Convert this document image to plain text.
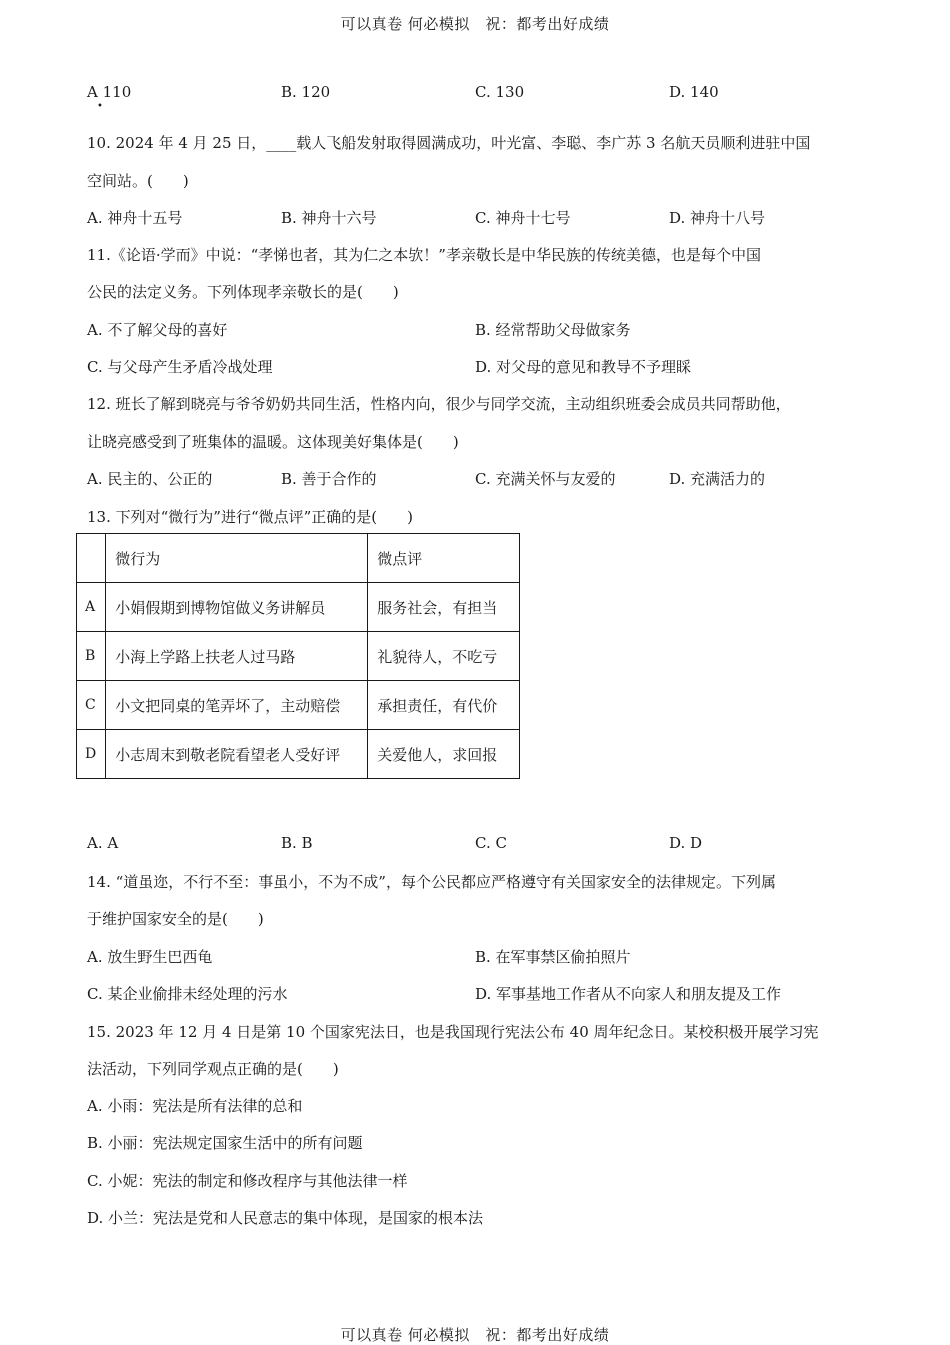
可以真卷 何必模拟　祝：都考出好成绩
A 110
•
B. 120	C. 130	D. 140
10. 2024 年 4 月 25 日，____载人飞船发射取得圆满成功，叶光富、李聪、李广苏 3 名航天员顺利进驻中国
空间站。(　　)
A. 神舟十五号	B. 神舟十六号	C. 神舟十七号	D. 神舟十八号
11.《论语·学而》中说：“孝悌也者，其为仁之本欤！”孝亲敬长是中华民族的传统美德，也是每个中国
公民的法定义务。下列体现孝亲敬长的是(　　)
A. 不了解父母的喜好	B. 经常帮助父母做家务
C. 与父母产生矛盾冷战处理	D. 对父母的意见和教导不予理睬
12. 班长了解到晓亮与爷爷奶奶共同生活，性格内向，很少与同学交流，主动组织班委会成员共同帮助他，
让晓亮感受到了班集体的温暖。这体现美好集体是(　　)
A. 民主的、公正的	B. 善于合作的	C. 充满关怀与友爱的	D. 充满活力的
13. 下列对“微行为”进行“微点评”正确的是(　　)
	微行为	微点评
A	小娟假期到博物馆做义务讲解员	服务社会，有担当
B	小海上学路上扶老人过马路	礼貌待人，不吃亏
C	小文把同桌的笔弄坏了，主动赔偿	承担责任，有代价
D	小志周末到敬老院看望老人受好评	关爱他人，求回报
A. A	B. B	C. C	D. D
14. “道虽迩，不行不至：事虽小，不为不成”，每个公民都应严格遵守有关国家安全的法律规定。下列属
于维护国家安全的是(　　)
A. 放生野生巴西龟	B. 在军事禁区偷拍照片
C. 某企业偷排未经处理的污水	D. 军事基地工作者从不向家人和朋友提及工作
15. 2023 年 12 月 4 日是第 10 个国家宪法日，也是我国现行宪法公布 40 周年纪念日。某校积极开展学习宪
法活动，下列同学观点正确的是(　　)
A. 小雨：宪法是所有法律的总和
B. 小丽：宪法规定国家生活中的所有问题
C. 小妮：宪法的制定和修改程序与其他法律一样
D. 小兰：宪法是党和人民意志的集中体现，是国家的根本法
可以真卷 何必模拟　祝：都考出好成绩
